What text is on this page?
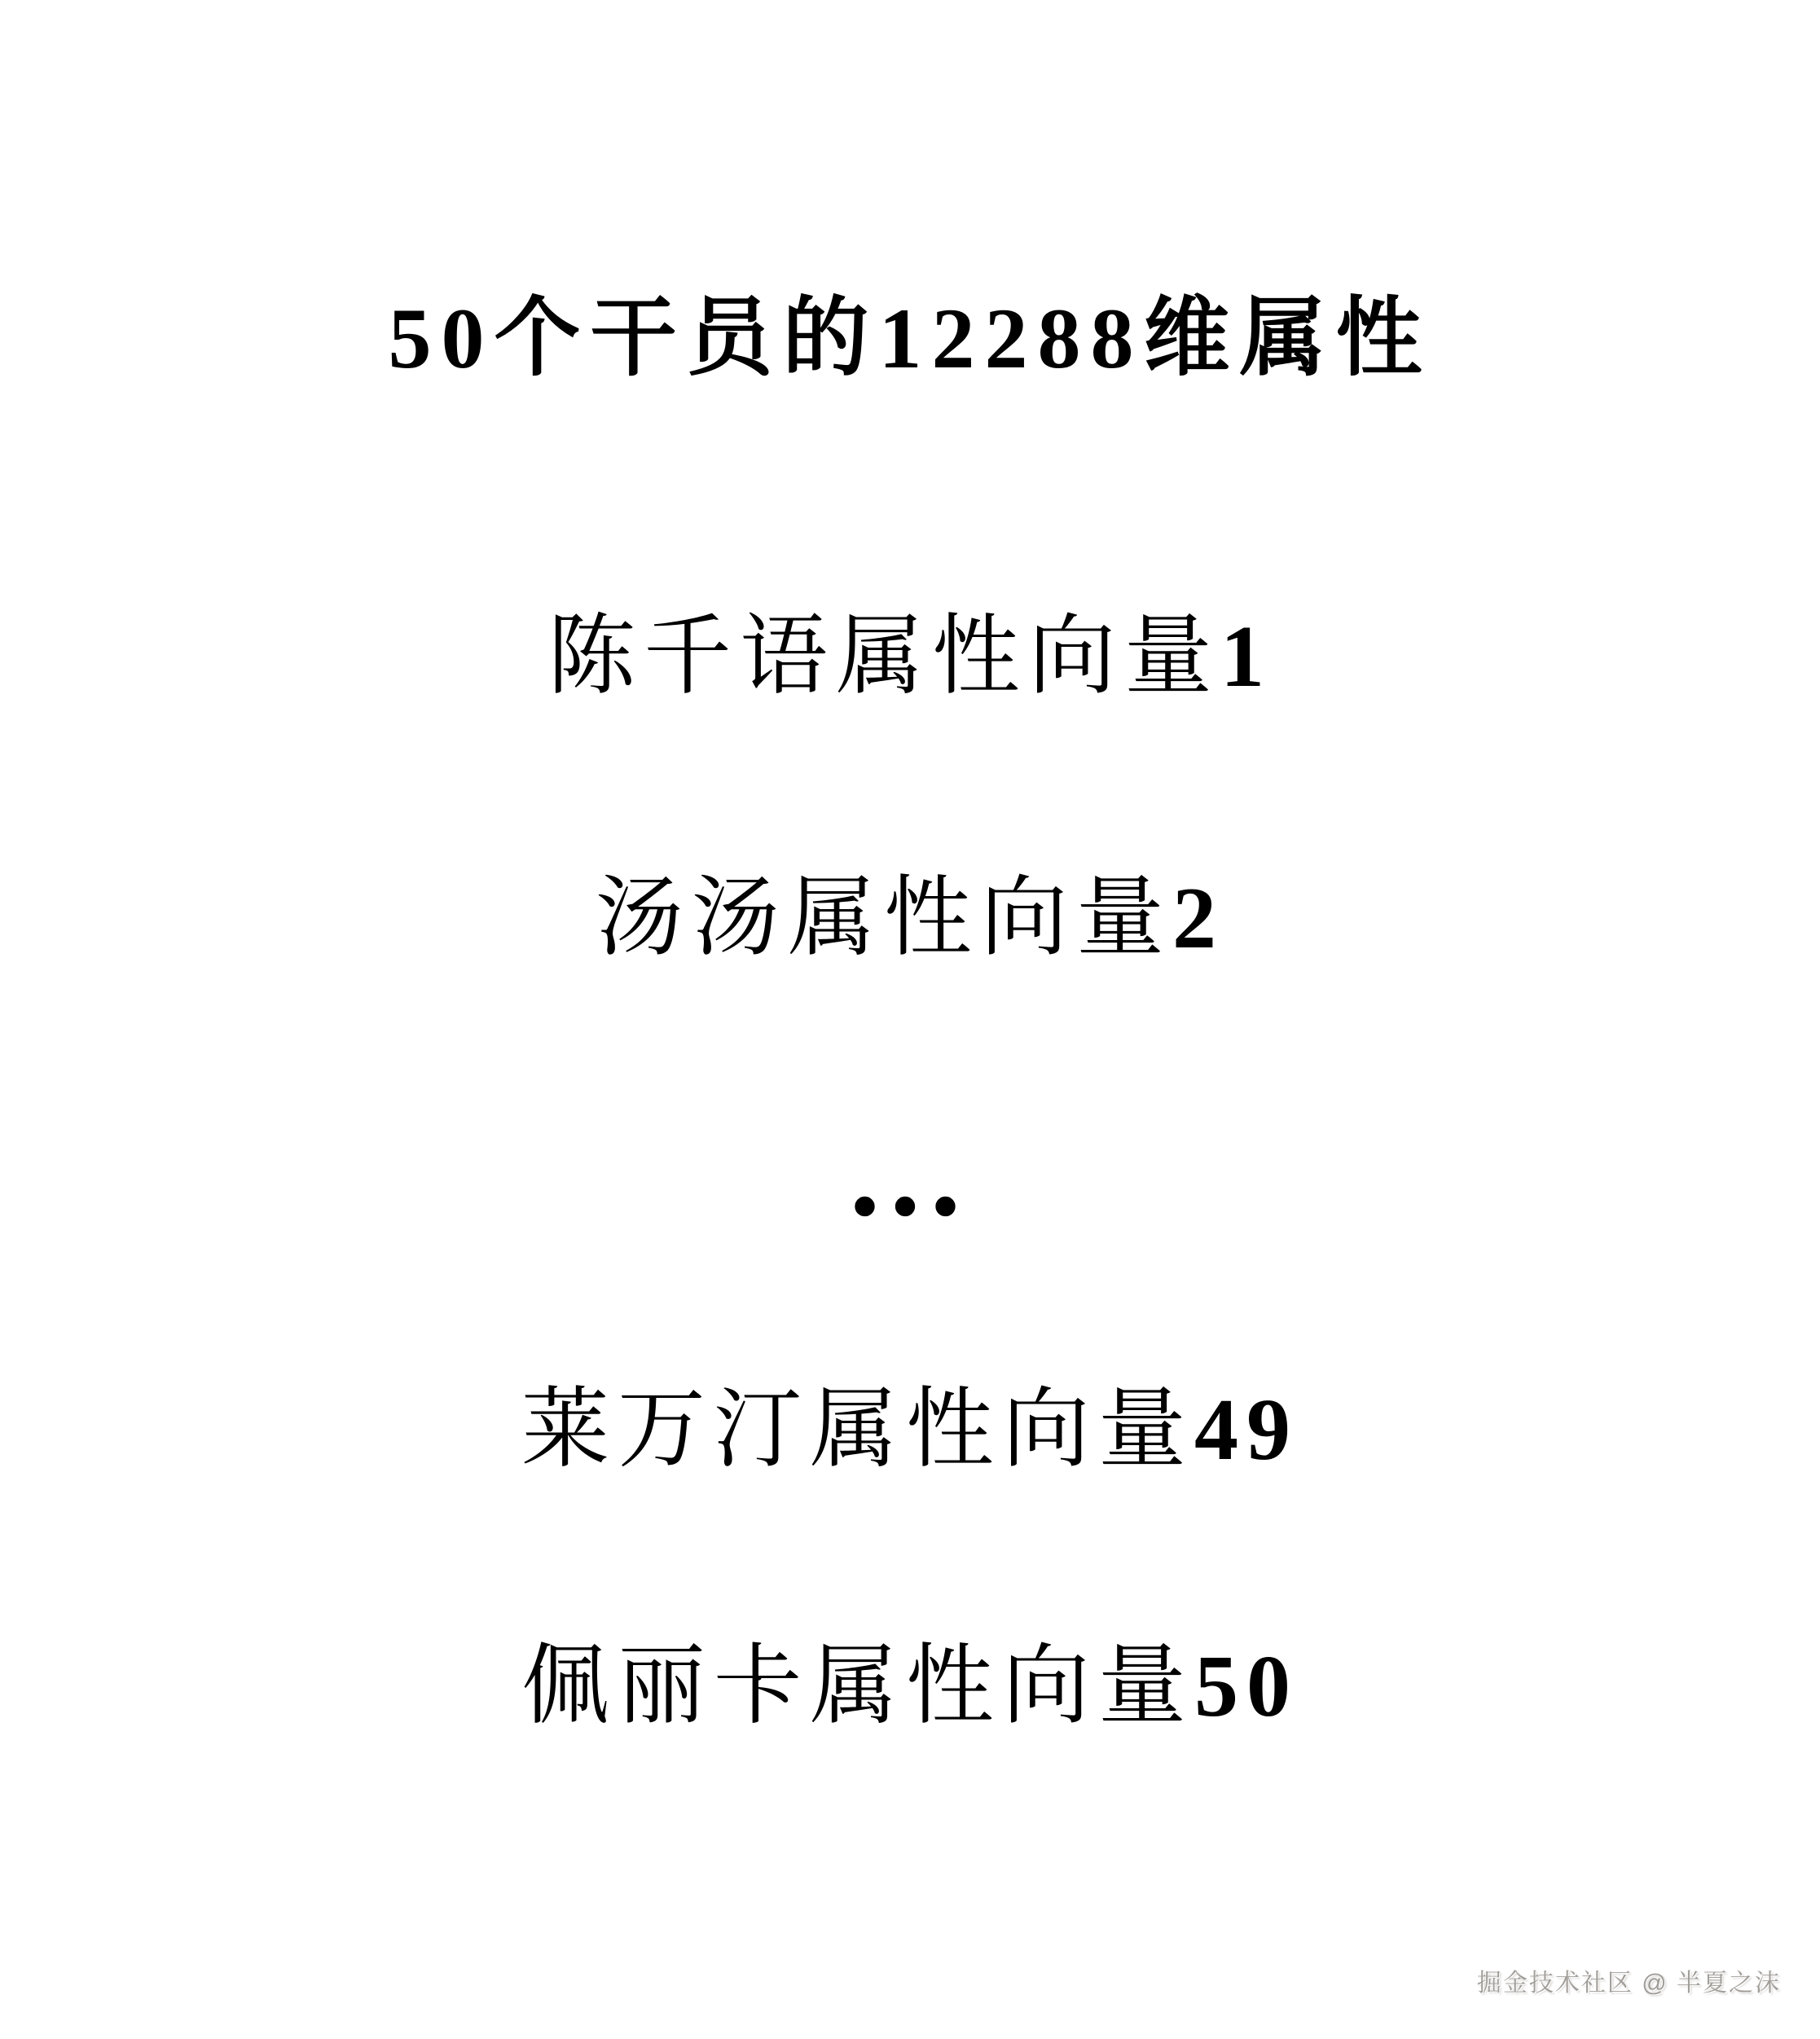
50个干员的12288维属性
陈千语属性向量1
汤汤属性向量2
...
莱万汀属性向量49
佩丽卡属性向量50
掘金技术社区 @ 半夏之沫
